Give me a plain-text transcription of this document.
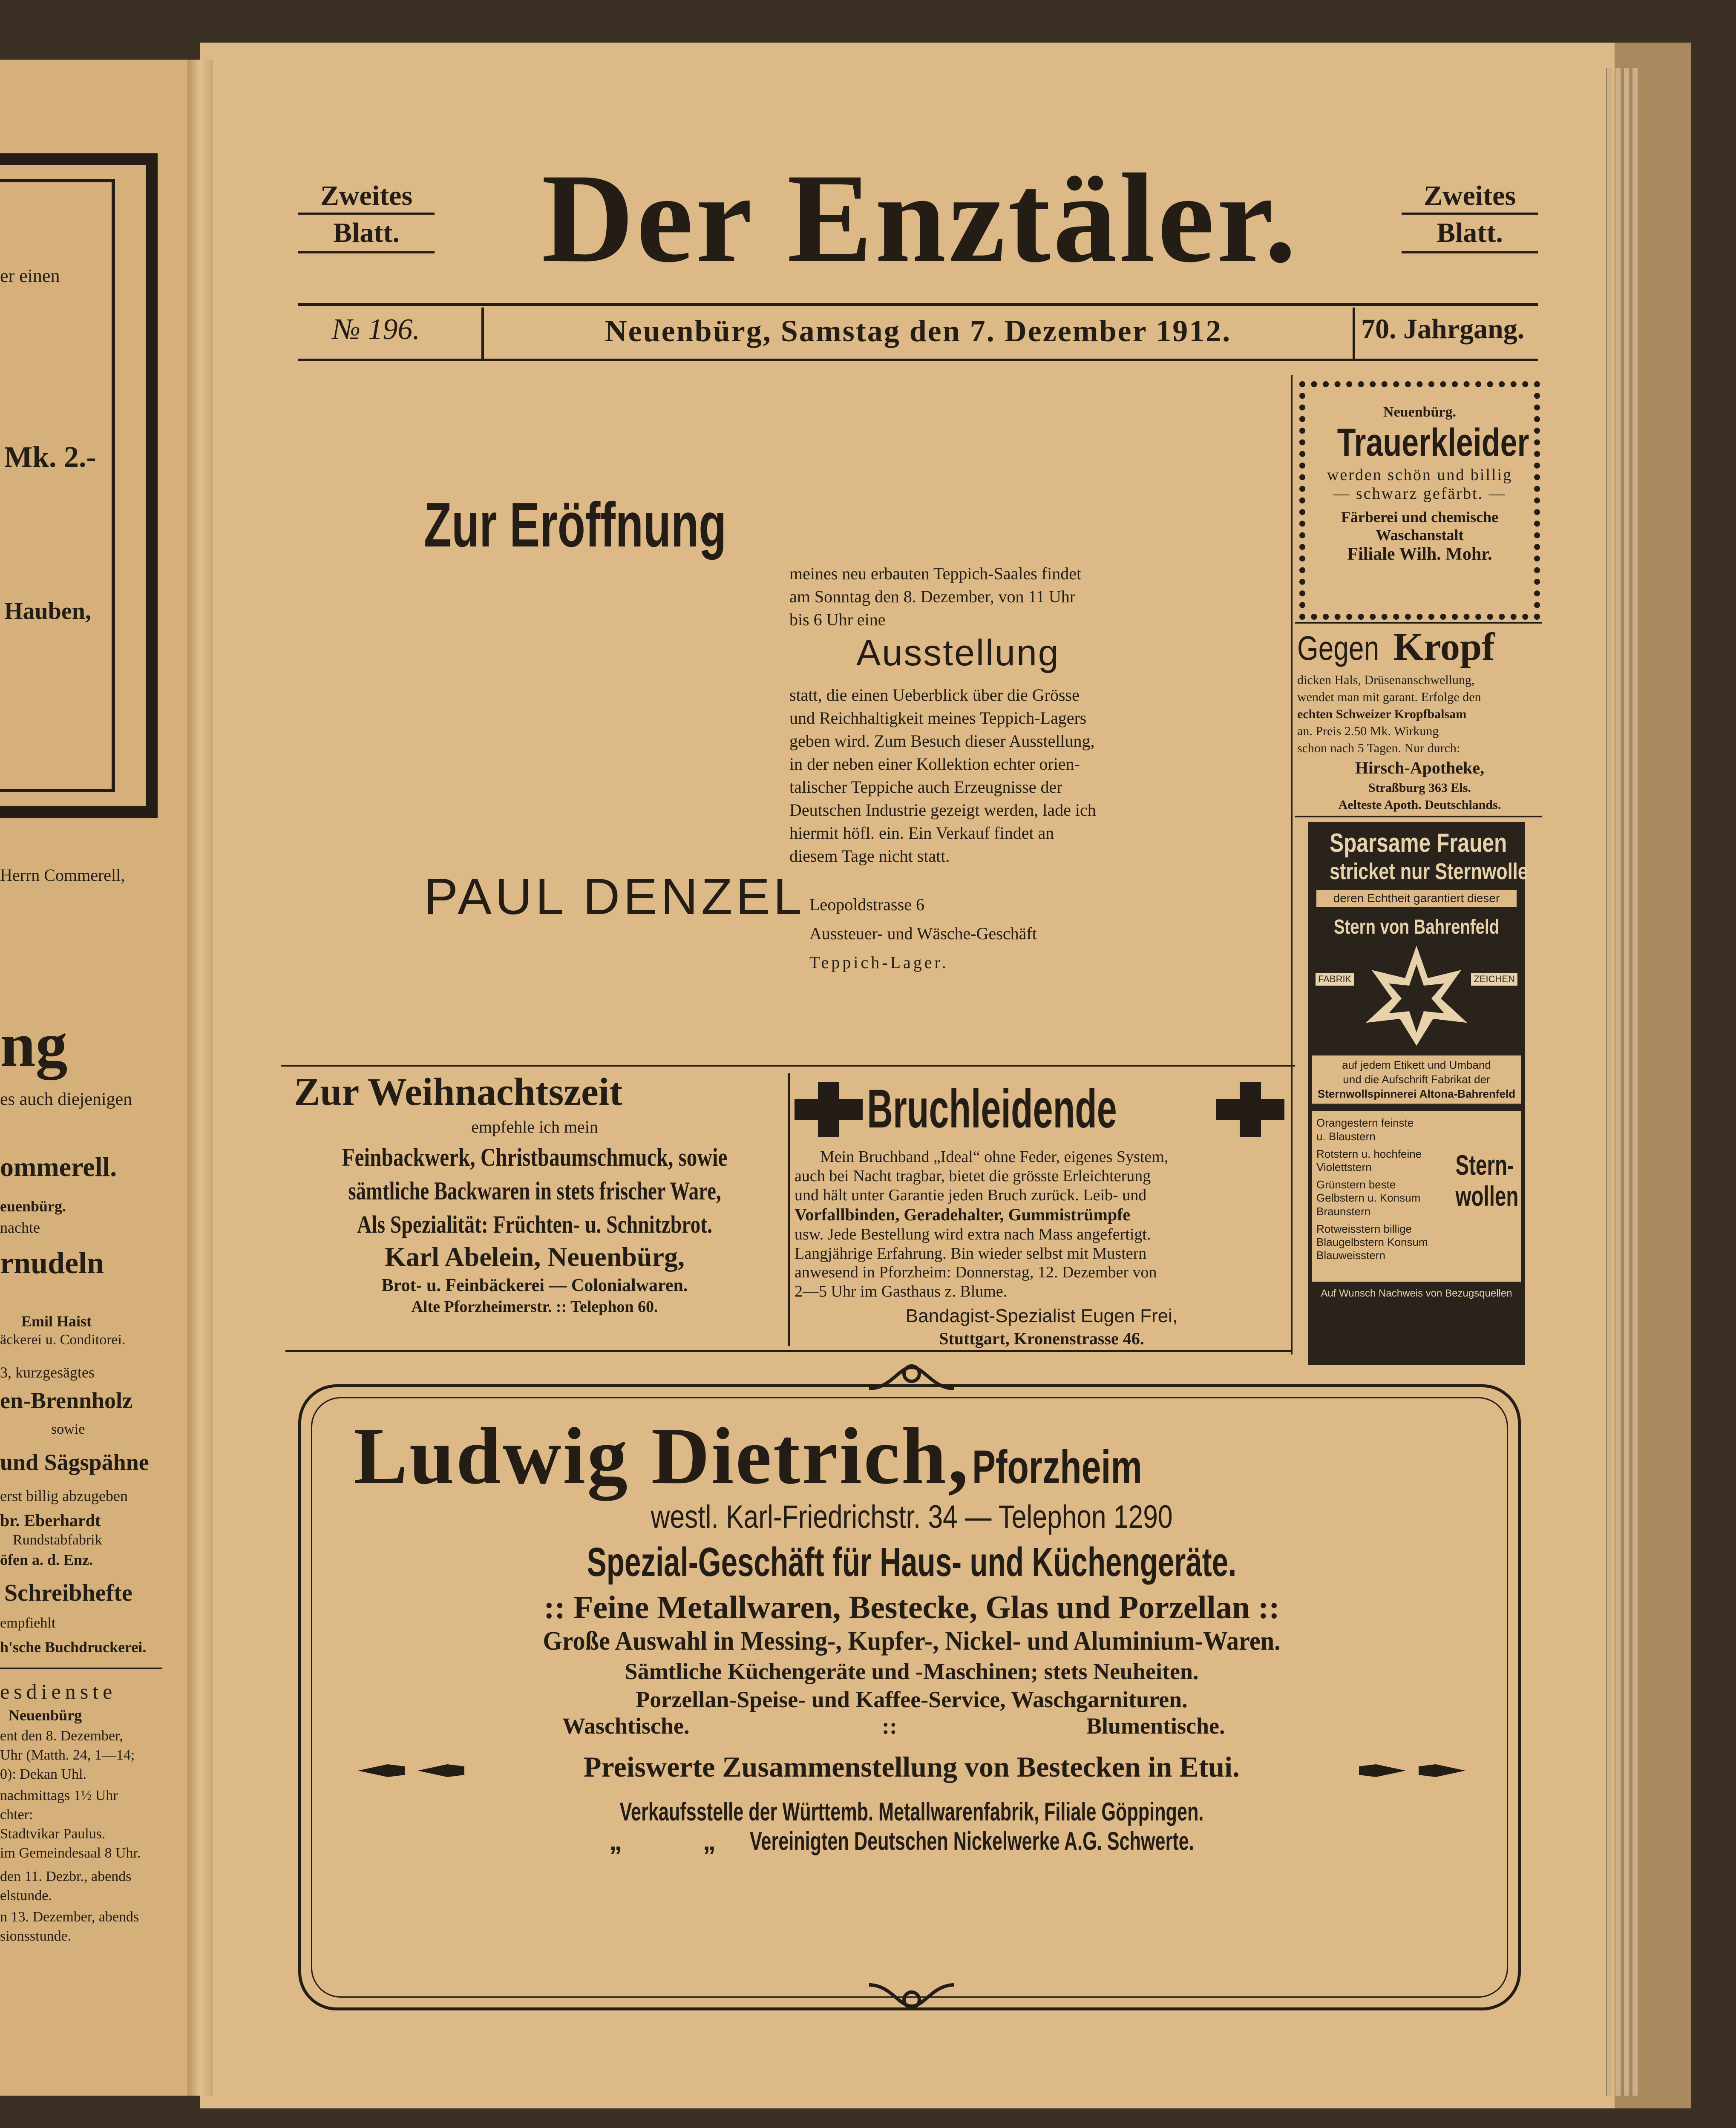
er einen
Mk. 2.-
Hauben,
Herrn Commerell,
ng
es auch diejenigen
ommerell.
euenbürg.
nachte
rnudeln
Emil Haist
äckerei u. Conditorei.
3, kurzgesägtes
en-Brennholz
sowie
und Sägspähne
erst billig abzugeben
br. Eberhardt
Rundstabfabrik
öfen a. d. Enz.
Schreibhefte
empfiehlt
h'sche Buchdruckerei.
esdienste
Neuenbürg
ent den 8. Dezember,
Uhr (Matth. 24, 1—14;
0): Dekan Uhl.
nachmittags 1½ Uhr
chter:
Stadtvikar Paulus.
im Gemeindesaal 8 Uhr.
den 11. Dezbr., abends
elstunde.
n 13. Dezember, abends
sionsstunde.
Zweites
Blatt.
Zweites
Blatt.
Der Enztäler.
№ 196.	Neuenbürg, Samstag den 7. Dezember 1912.	70. Jahrgang.
Zur Eröffnung
meines neu erbauten Teppich-Saales findet
am Sonntag den 8. Dezember, von 11 Uhr
bis 6 Uhr eine
Ausstellung
statt, die einen Ueberblick über die Grösse
und Reichhaltigkeit meines Teppich-Lagers
geben wird. Zum Besuch dieser Ausstellung,
in der neben einer Kollektion echter orien-
talischer Teppiche auch Erzeugnisse der
Deutschen Industrie gezeigt werden, lade ich
hiermit höfl. ein. Ein Verkauf findet an
diesem Tage nicht statt.
PAUL DENZEL Leopoldstrasse 6
Aussteuer- und Wäsche-Geschäft
Teppich-Lager.
Neuenbürg.
Trauerkleider
werden schön und billig
— schwarz gefärbt. —
Färberei und chemische
Waschanstalt
Filiale Wilh. Mohr.
Gegen Kropf
dicken Hals, Drüsenanschwellung,
wendet man mit garant. Erfolge den
echten Schweizer Kropfbalsam
an. Preis 2.50 Mk. Wirkung
schon nach 5 Tagen. Nur durch:
Hirsch-Apotheke,
Straßburg 363 Els.
Aelteste Apoth. Deutschlands.
Sparsame Frauen
stricket nur Sternwolle
deren Echtheit garantiert dieser
Stern von Bahrenfeld
FABRIK	ZEICHEN
auf jedem Etikett und Umband
und die Aufschrift Fabrikat der
Sternwollspinnerei Altona-Bahrenfeld
Orangestern feinste
u. Blaustern
Rotstern u. hochfeine
Violettstern
Grünstern beste
Gelbstern u. Konsum
Braunstern
Rotweisstern billige
Blaugelbstern Konsum
Blauweisstern
Stern-
wollen
Auf Wunsch Nachweis von Bezugsquellen
Zur Weihnachtszeit
empfehle ich mein
Feinbackwerk, Christbaumschmuck, sowie
sämtliche Backwaren in stets frischer Ware,
Als Spezialität: Früchten- u. Schnitzbrot.
Karl Abelein, Neuenbürg,
Brot- u. Feinbäckerei — Colonialwaren.
Alte Pforzheimerstr. :: Telephon 60.
Bruchleidende
Mein Bruchband „Ideal“ ohne Feder, eigenes System,
auch bei Nacht tragbar, bietet die grösste Erleichterung
und hält unter Garantie jeden Bruch zurück. Leib- und
Vorfallbinden, Geradehalter, Gummistrümpfe
usw. Jede Bestellung wird extra nach Mass angefertigt.
Langjährige Erfahrung. Bin wieder selbst mit Mustern
anwesend in Pforzheim: Donnerstag, 12. Dezember von
2—5 Uhr im Gasthaus z. Blume.
Bandagist-Spezialist Eugen Frei,
Stuttgart, Kronenstrasse 46.
Ludwig Dietrich, Pforzheim
westl. Karl-Friedrichstr. 34 — Telephon 1290
Spezial-Geschäft für Haus- und Küchengeräte.
:: Feine Metallwaren, Bestecke, Glas und Porzellan ::
Große Auswahl in Messing-, Kupfer-, Nickel- und Aluminium-Waren.
Sämtliche Küchengeräte und -Maschinen; stets Neuheiten.
Porzellan-Speise- und Kaffee-Service, Waschgarnituren.
Waschtische.	::	Blumentische.
Preiswerte Zusammenstellung von Bestecken in Etui.
Verkaufsstelle der Württemb. Metallwarenfabrik, Filiale Göppingen.
„	„ Vereinigten Deutschen Nickelwerke A.G. Schwerte.
